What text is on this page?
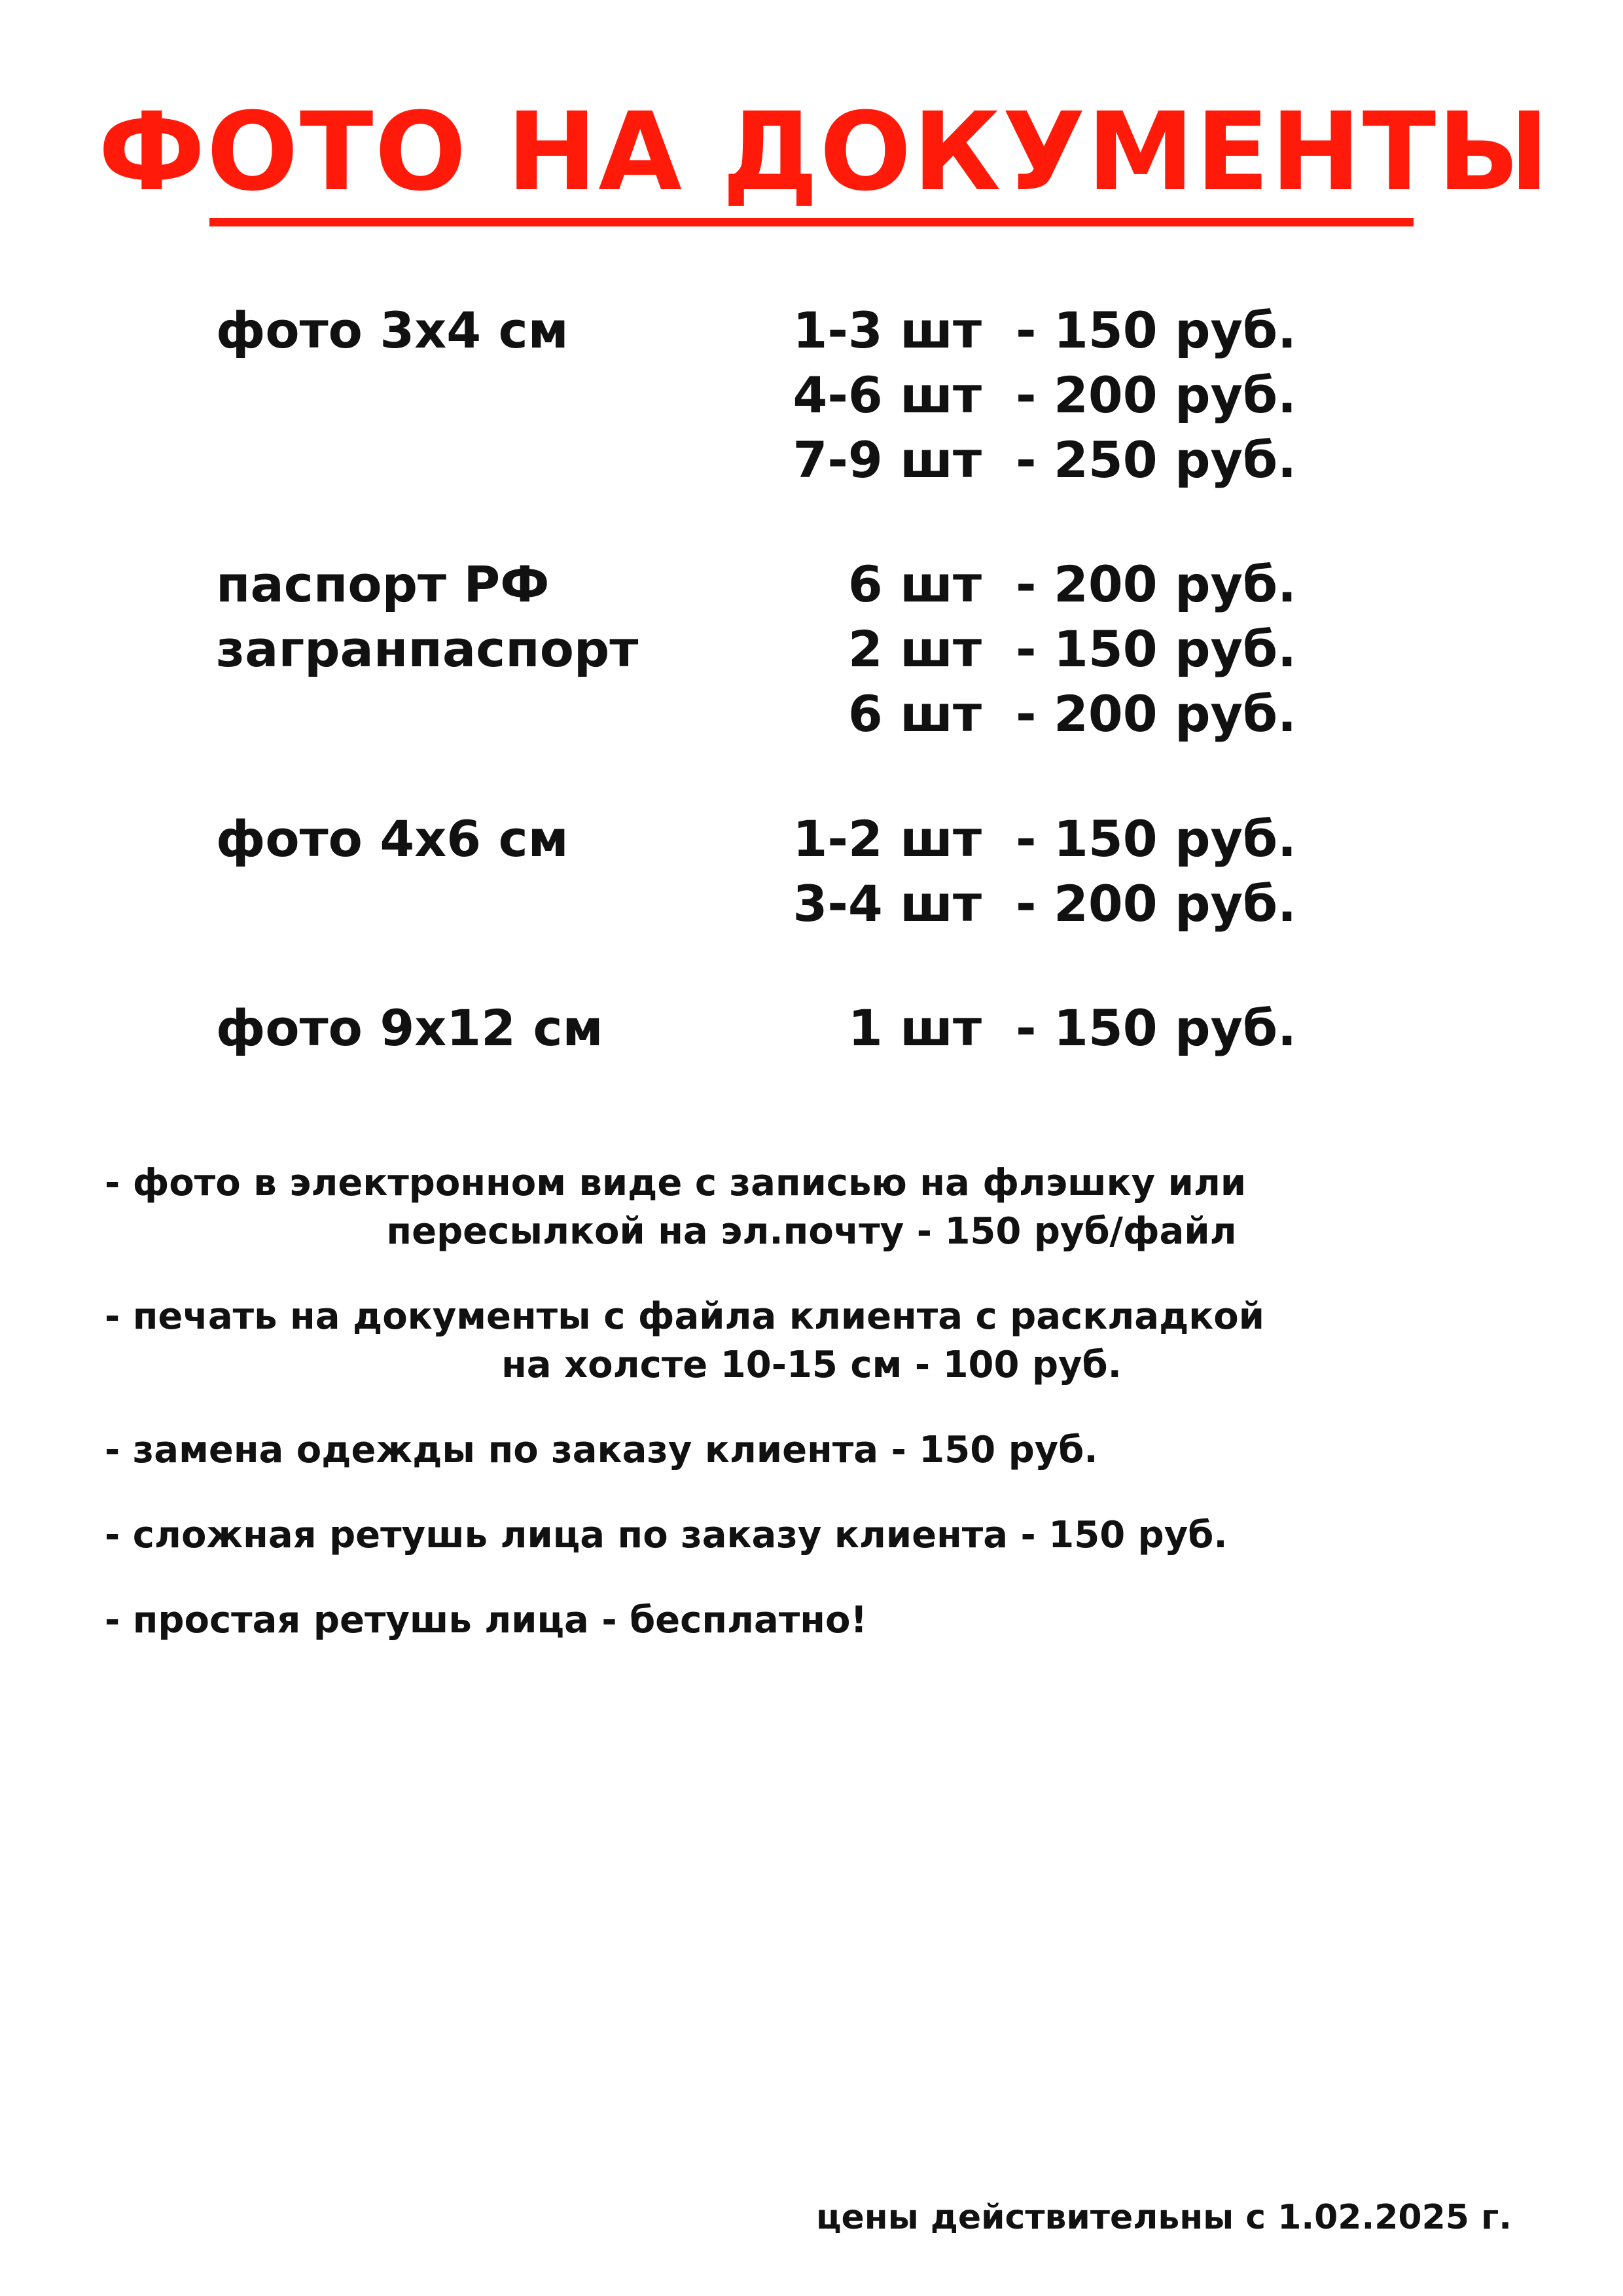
ФОТО НА ДОКУМЕНТЫ
фото 3х4 см	1-3 шт - 150 руб.
4-6 шт - 200 руб.
7-9 шт - 250 руб.
паспорт РФ	6 шт - 200 руб.
загранпаспорт	2 шт - 150 руб.
6 шт - 200 руб.
фото 4х6 см	1-2 шт - 150 руб.
3-4 шт - 200 руб.
фото 9х12 см	1 шт - 150 руб.
- фото в электронном виде с записью на флэшку или
пересылкой на эл.почту - 150 руб/файл
- печать на документы с файла клиента с раскладкой
на холсте 10-15 см - 100 руб.
- замена одежды по заказу клиента - 150 руб.
- сложная ретушь лица по заказу клиента - 150 руб.
- простая ретушь лица - бесплатно!
цены действительны с 1.02.2025 г.
